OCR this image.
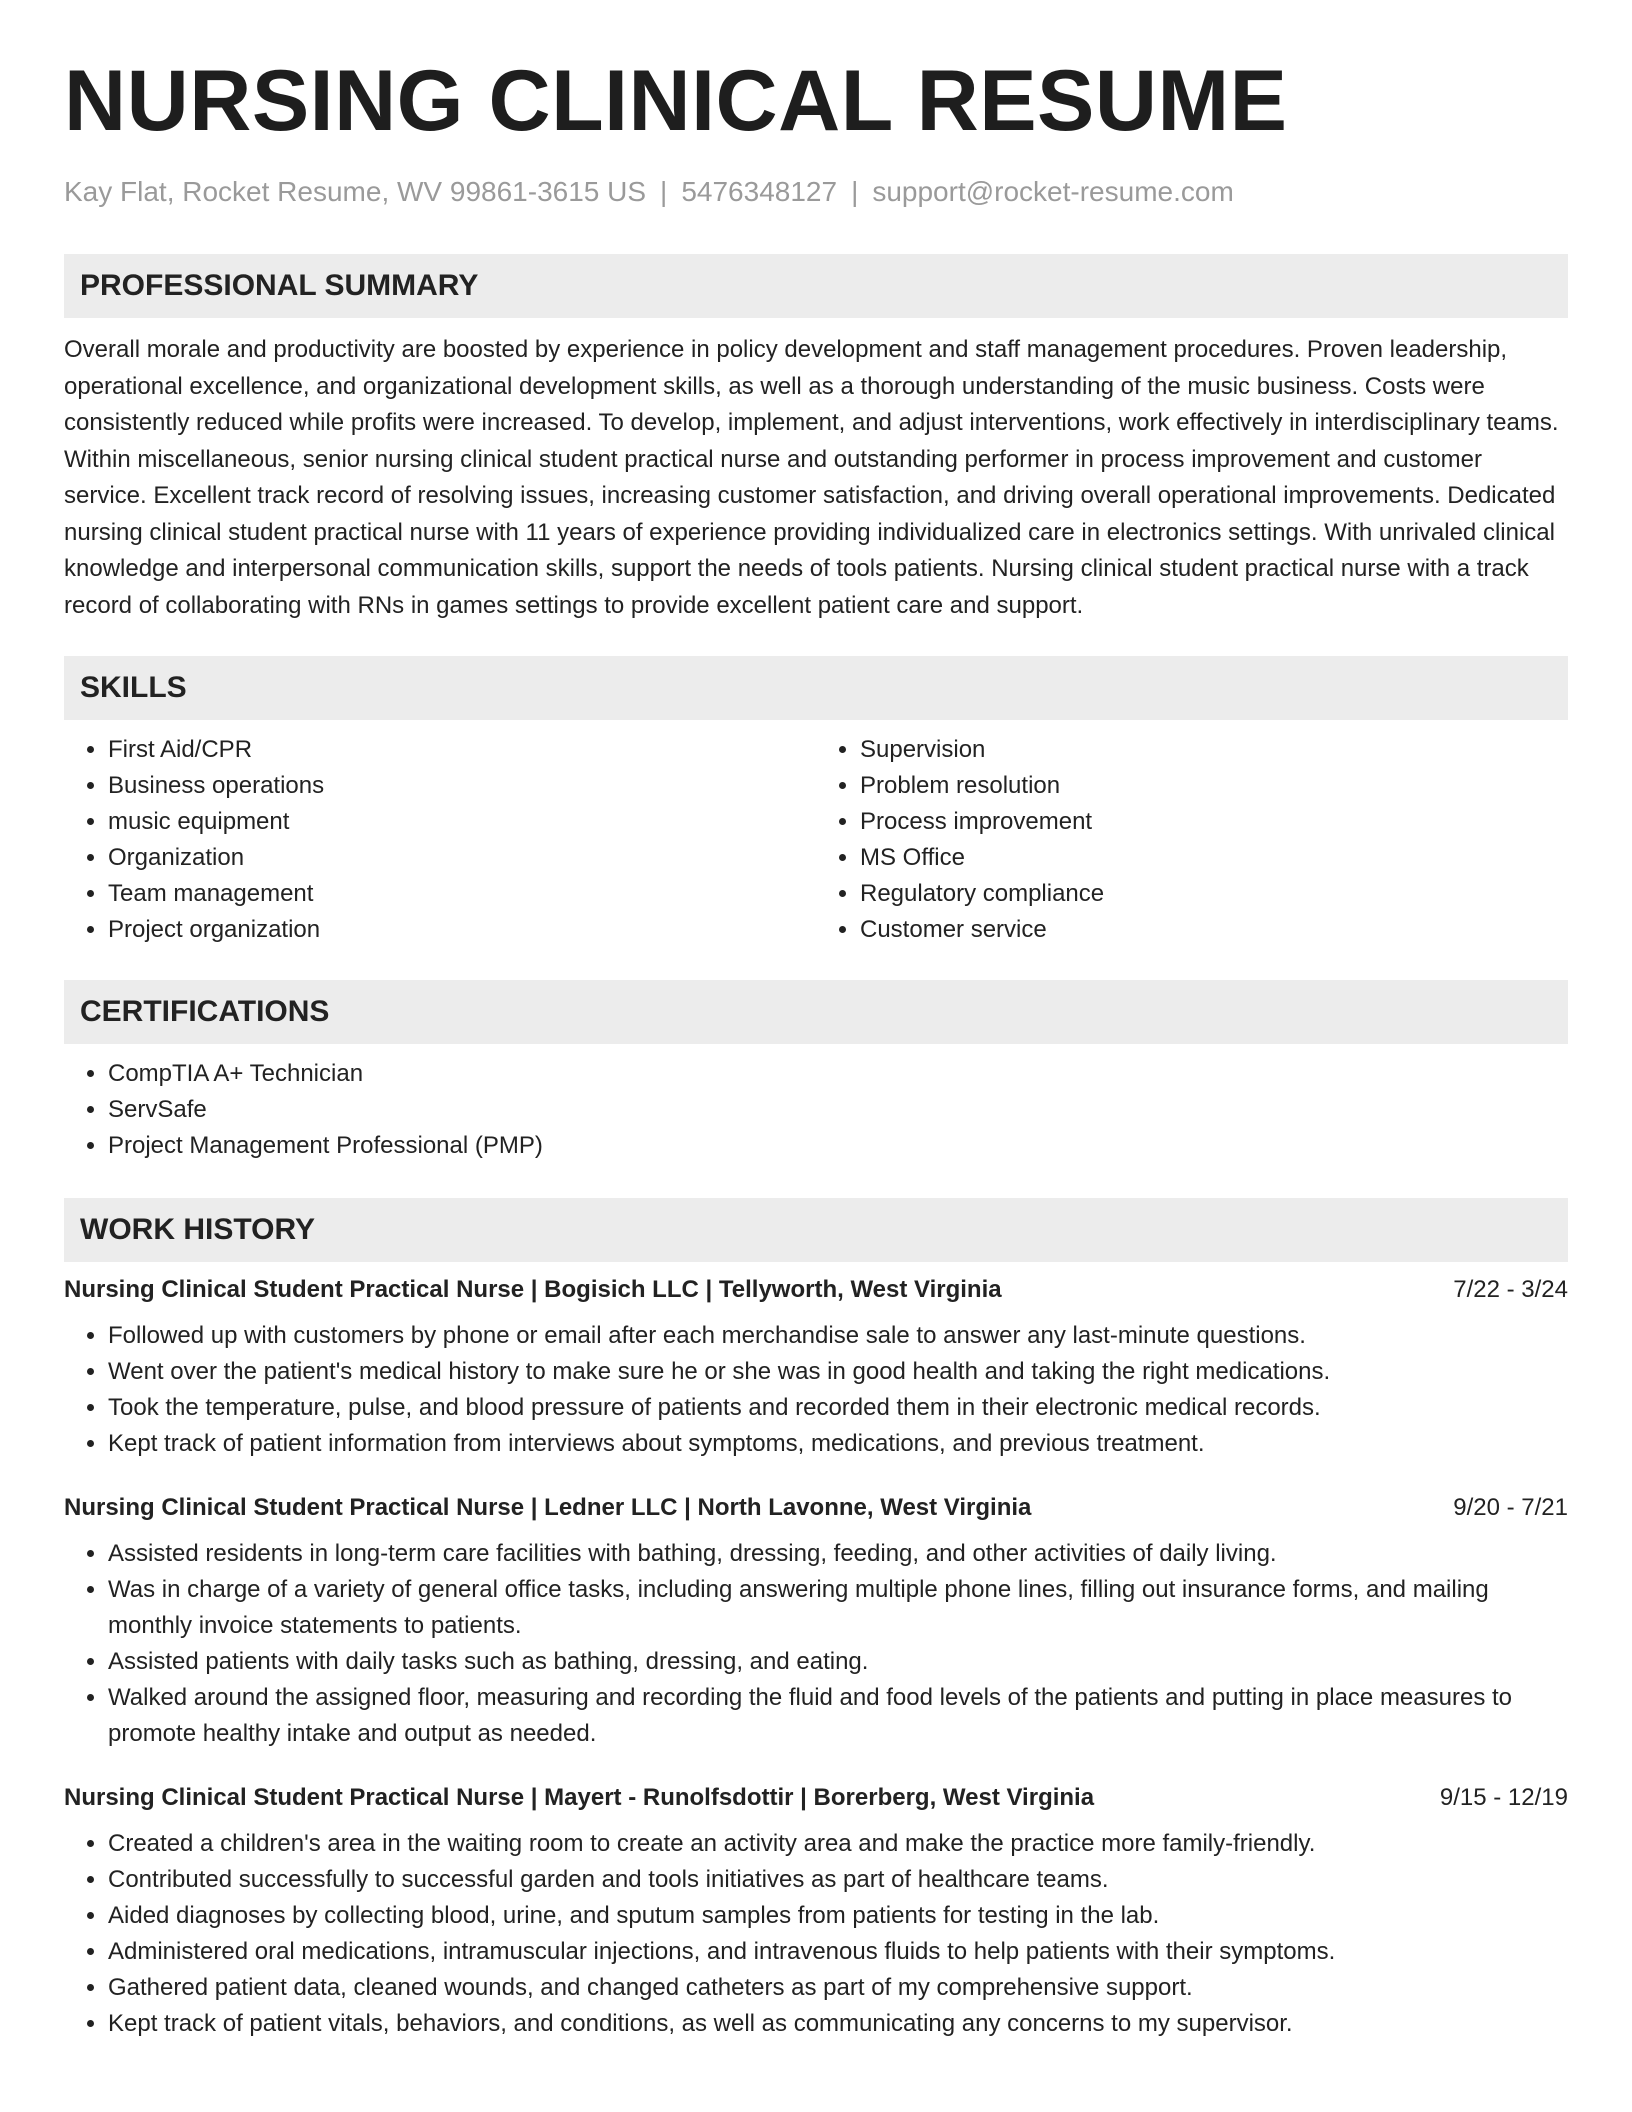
NURSING CLINICAL RESUME
Kay Flat, Rocket Resume, WV 99861-3615 US | 5476348127 | support@rocket-resume.com
PROFESSIONAL SUMMARY

Overall morale and productivity are boosted by experience in policy development and staff management procedures. Proven leadership, operational excellence, and organizational development skills, as well as a thorough understanding of the music business. Costs were consistently reduced while profits were increased. To develop, implement, and adjust interventions, work effectively in interdisciplinary teams. Within miscellaneous, senior nursing clinical student practical nurse and outstanding performer in process improvement and customer service. Excellent track record of resolving issues, increasing customer satisfaction, and driving overall operational improvements. Dedicated nursing clinical student practical nurse with 11 years of experience providing individualized care in electronics settings. With unrivaled clinical knowledge and interpersonal communication skills, support the needs of tools patients. Nursing clinical student practical nurse with a track record of collaborating with RNs in games settings to provide excellent patient care and support.

SKILLS
• First Aid/CPR
• Business operations
• music equipment
• Organization
• Team management
• Project organization
• Supervision
• Problem resolution
• Process improvement
• MS Office
• Regulatory compliance
• Customer service
CERTIFICATIONS
• CompTIA A+ Technician
• ServSafe
• Project Management Professional (PMP)
WORK HISTORY
Nursing Clinical Student Practical Nurse | Bogisich LLC | Tellyworth, West Virginia	7/22 - 3/24
• Followed up with customers by phone or email after each merchandise sale to answer any last-minute questions.
• Went over the patient's medical history to make sure he or she was in good health and taking the right medications.
• Took the temperature, pulse, and blood pressure of patients and recorded them in their electronic medical records.
• Kept track of patient information from interviews about symptoms, medications, and previous treatment.
Nursing Clinical Student Practical Nurse | Ledner LLC | North Lavonne, West Virginia	9/20 - 7/21
• Assisted residents in long-term care facilities with bathing, dressing, feeding, and other activities of daily living.
• Was in charge of a variety of general office tasks, including answering multiple phone lines, filling out insurance forms, and mailing monthly invoice statements to patients.
• Assisted patients with daily tasks such as bathing, dressing, and eating.
• Walked around the assigned floor, measuring and recording the fluid and food levels of the patients and putting in place measures to promote healthy intake and output as needed.
Nursing Clinical Student Practical Nurse | Mayert - Runolfsdottir | Borerberg, West Virginia	9/15 - 12/19
• Created a children's area in the waiting room to create an activity area and make the practice more family-friendly.
• Contributed successfully to successful garden and tools initiatives as part of healthcare teams.
• Aided diagnoses by collecting blood, urine, and sputum samples from patients for testing in the lab.
• Administered oral medications, intramuscular injections, and intravenous fluids to help patients with their symptoms.
• Gathered patient data, cleaned wounds, and changed catheters as part of my comprehensive support.
• Kept track of patient vitals, behaviors, and conditions, as well as communicating any concerns to my supervisor.
